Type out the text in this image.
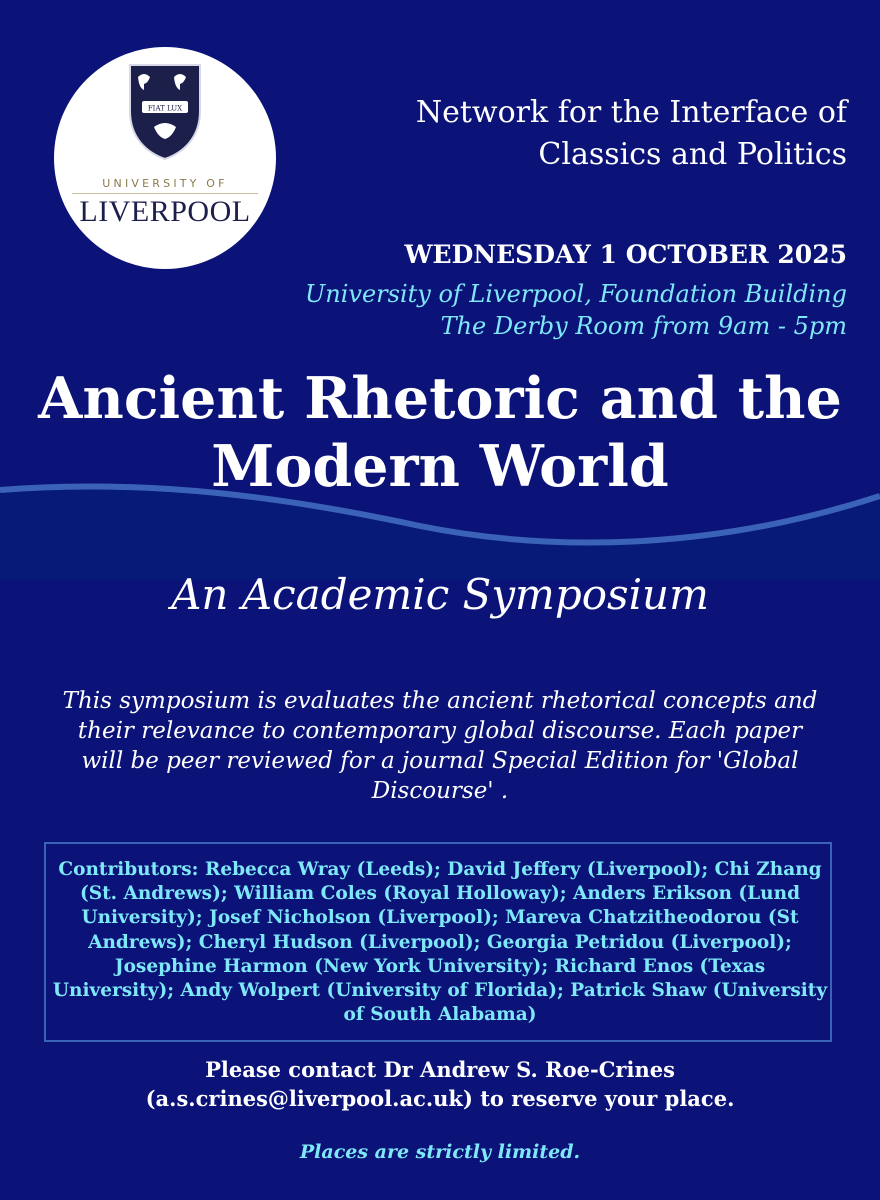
FIAT LUX
UNIVERSITY OF
LIVERPOOL
Network for the Interface of Classics and Politics
WEDNESDAY 1 OCTOBER 2025
University of Liverpool, Foundation Building
The Derby Room from 9am - 5pm
Ancient Rhetoric and the Modern World
An Academic Symposium
This symposium is evaluates the ancient rhetorical concepts and their relevance to contemporary global discourse. Each paper will be peer reviewed for a journal Special Edition for 'Global Discourse' .
Contributors: Rebecca Wray (Leeds); David Jeffery (Liverpool); Chi Zhang (St. Andrews); William Coles (Royal Holloway); Anders Erikson (Lund University); Josef Nicholson (Liverpool); Mareva Chatzitheodorou (St Andrews); Cheryl Hudson (Liverpool); Georgia Petridou (Liverpool); Josephine Harmon (New York University); Richard Enos (Texas University); Andy Wolpert (University of Florida); Patrick Shaw (University of South Alabama)
Please contact Dr Andrew S. Roe-Crines
(a.s.crines@liverpool.ac.uk) to reserve your place.
Places are strictly limited.
